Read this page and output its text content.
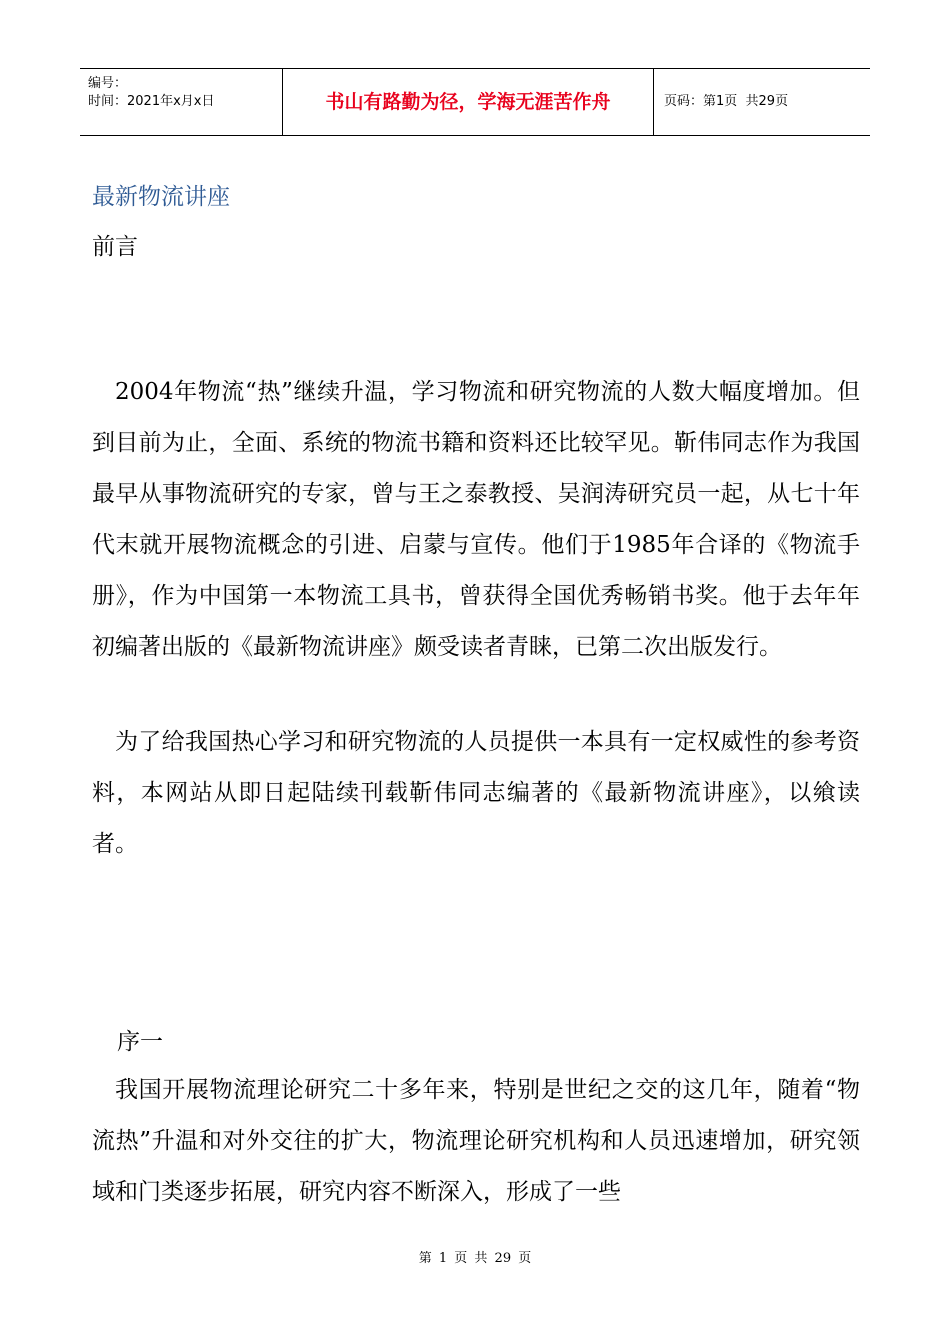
编号：
时间：2021年x月x日	书山有路勤为径，学海无涯苦作舟	页码：第1页  共29页
最新物流讲座
前言

2004年物流“热”继续升温，学习物流和研究物流的人数大幅度增加。但到目前为止，全面、系统的物流书籍和资料还比较罕见。靳伟同志作为我国最早从事物流研究的专家，曾与王之泰教授、吴润涛研究员一起，从七十年代末就开展物流概念的引进、启蒙与宣传。他们于1985年合译的《物流手册》，作为中国第一本物流工具书，曾获得全国优秀畅销书奖。他于去年年初编著出版的《最新物流讲座》颇受读者青睐，已第二次出版发行。

为了给我国热心学习和研究物流的人员提供一本具有一定权威性的参考资料，本网站从即日起陆续刊载靳伟同志编著的《最新物流讲座》，以飨读者。

序一

我国开展物流理论研究二十多年来，特别是世纪之交的这几年，随着“物流热”升温和对外交往的扩大，物流理论研究机构和人员迅速增加，研究领域和门类逐步拓展，研究内容不断深入，形成了一些

第 1 页 共 29 页
